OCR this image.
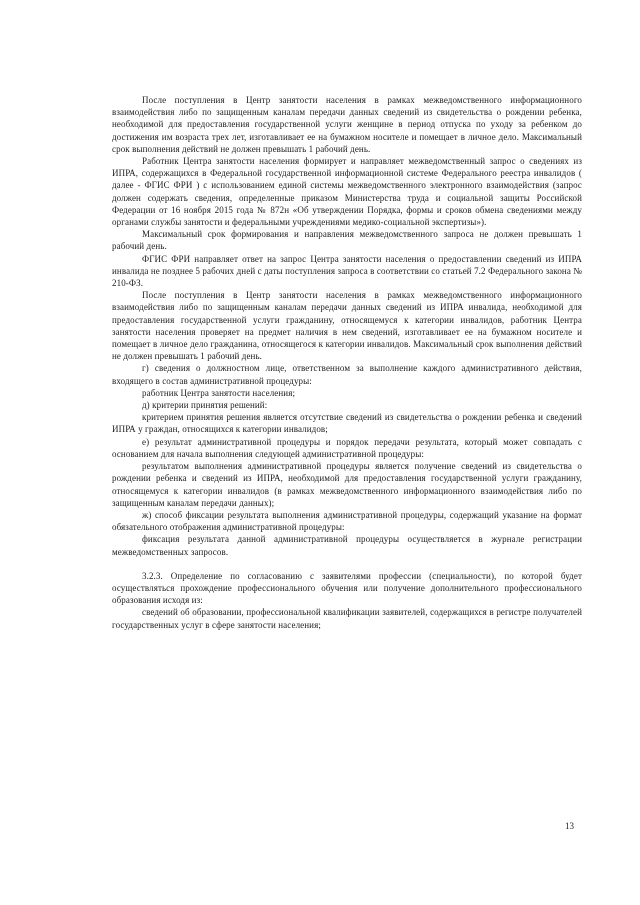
После поступления в Центр занятости населения в рамках межведомственного информационного взаимодействия либо по защищенным каналам передачи данных сведений из свидетельства о рождении ребенка, необходимой для предоставления государственной услуги женщине в период отпуска по уходу за ребенком до достижения им возраста трех лет, изготавливает ее на бумажном носителе и помещает в личное дело. Максимальный срок выполнения действий не должен превышать 1 рабочий день.

Работник Центра занятости населения формирует и направляет межведомственный запрос о сведениях из ИПРА, содержащихся в Федеральной государственной информационной системе Федерального реестра инвалидов ( далее - ФГИС ФРИ ) с использованием единой системы межведомственного электронного взаимодействия (запрос должен содержать сведения, определенные приказом Министерства труда и социальной защиты Российской Федерации от 16 ноября 2015 года № 872н «Об утверждении Порядка, формы и сроков обмена сведениями между органами службы занятости и федеральными учреждениями медико-социальной экспертизы»).

Максимальный срок формирования и направления межведомственного запроса не должен превышать 1 рабочий день.

ФГИС ФРИ направляет ответ на запрос Центра занятости населения о предоставлении сведений из ИПРА инвалида не позднее 5 рабочих дней с даты поступления запроса в соответствии со статьей 7.2 Федерального закона № 210-ФЗ.

После поступления в Центр занятости населения в рамках межведомственного информационного взаимодействия либо по защищенным каналам передачи данных сведений из ИПРА инвалида, необходимой для предоставления государственной услуги гражданину, относящемуся к категории инвалидов, работник Центра занятости населения проверяет на предмет наличия в нем сведений, изготавливает ее на бумажном носителе и помещает в личное дело гражданина, относящегося к категории инвалидов. Максимальный срок выполнения действий не должен превышать 1 рабочий день.

г) сведения о должностном лице, ответственном за выполнение каждого административного действия, входящего в состав административной процедуры:

работник Центра занятости населения;

д) критерии принятия решений:

критерием принятия решения является отсутствие сведений из свидетельства о рождении ребенка и сведений ИПРА у граждан, относящихся к категории инвалидов;

е) результат административной процедуры и порядок передачи результата, который может совпадать с основанием для начала выполнения следующей административной процедуры:

результатом выполнения административной процедуры является получение сведений из свидетельства о рождении ребенка и сведений из ИПРА, необходимой для предоставления государственной услуги гражданину, относящемуся к категории инвалидов (в рамках межведомственного информационного взаимодействия либо по защищенным каналам передачи данных);

ж) способ фиксации результата выполнения административной процедуры, содержащий указание на формат обязательного отображения административной процедуры:

фиксация результата данной административной процедуры осуществляется в журнале регистрации межведомственных запросов.

3.2.3. Определение по согласованию с заявителями профессии (специальности), по которой будет осуществляться прохождение профессионального обучения или получение дополнительного профессионального образования исходя из:

сведений об образовании, профессиональной квалификации заявителей, содержащихся в регистре получателей государственных услуг в сфере занятости населения;

13
